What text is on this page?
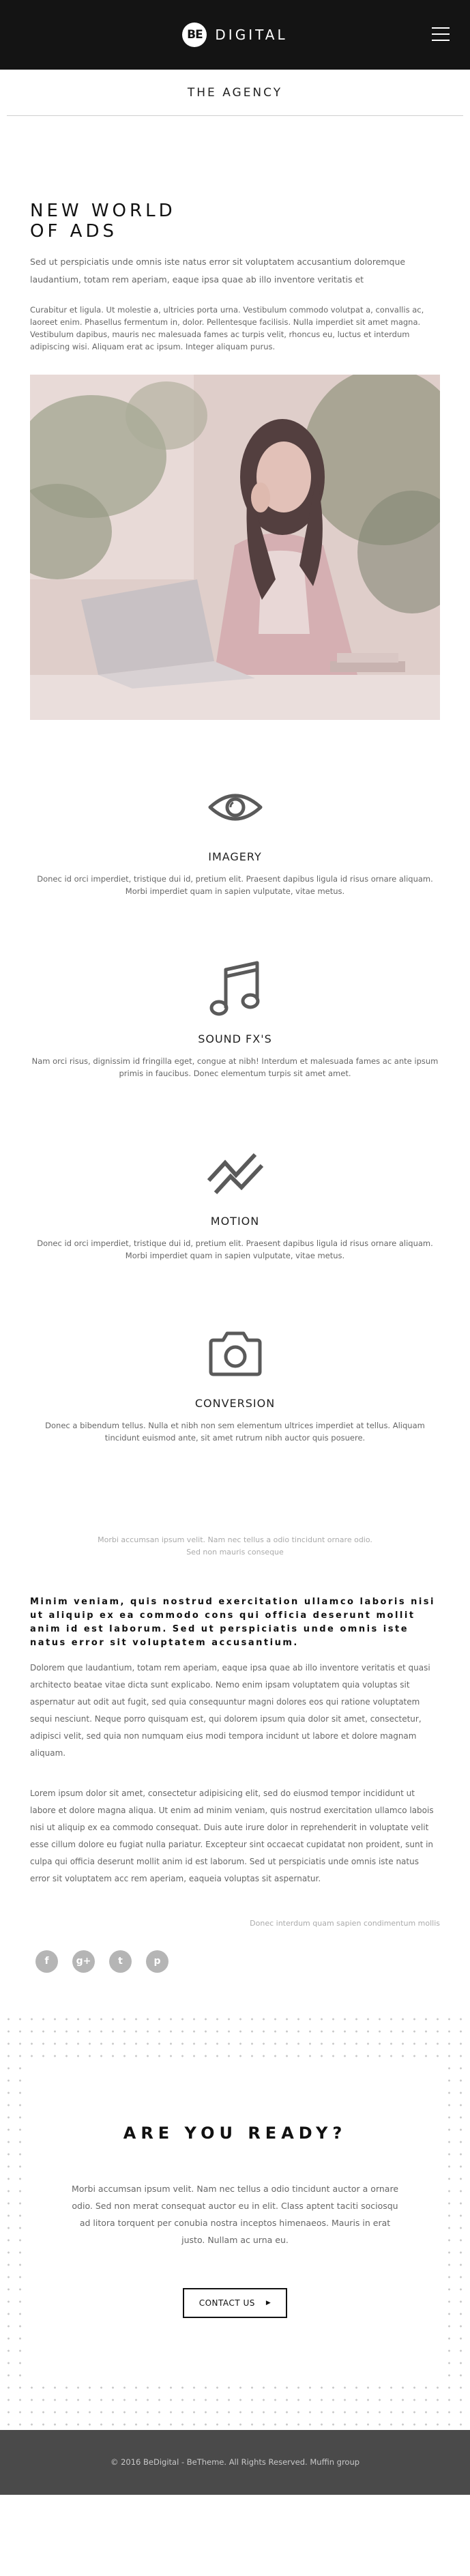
BE DIGITAL
THE AGENCY
NEW WORLD
OF ADS

Sed ut perspiciatis unde omnis iste natus error sit voluptatem accusantium doloremque laudantium, totam rem aperiam, eaque ipsa quae ab illo inventore veritatis et

Curabitur et ligula. Ut molestie a, ultricies porta urna. Vestibulum commodo volutpat a, convallis ac, laoreet enim. Phasellus fermentum in, dolor. Pellentesque facilisis. Nulla imperdiet sit amet magna. Vestibulum dapibus, mauris nec malesuada fames ac turpis velit, rhoncus eu, luctus et interdum adipiscing wisi. Aliquam erat ac ipsum. Integer aliquam purus.

IMAGERY

Donec id orci imperdiet, tristique dui id, pretium elit. Praesent dapibus ligula id risus ornare aliquam. Morbi imperdiet quam in sapien vulputate, vitae metus.

SOUND FX'S

Nam orci risus, dignissim id fringilla eget, congue at nibh! Interdum et malesuada fames ac ante ipsum primis in faucibus. Donec elementum turpis sit amet amet.

MOTION

Donec id orci imperdiet, tristique dui id, pretium elit. Praesent dapibus ligula id risus ornare aliquam. Morbi imperdiet quam in sapien vulputate, vitae metus.

CONVERSION

Donec a bibendum tellus. Nulla et nibh non sem elementum ultrices imperdiet at tellus. Aliquam tincidunt euismod ante, sit amet rutrum nibh auctor quis posuere.

Morbi accumsan ipsum velit. Nam nec tellus a odio tincidunt ornare odio. Sed non mauris conseque

Minim veniam, quis nostrud exercitation ullamco laboris nisi ut aliquip ex ea commodo cons qui officia deserunt mollit anim id est laborum. Sed ut perspiciatis unde omnis iste natus error sit voluptatem accusantium.

Dolorem que laudantium, totam rem aperiam, eaque ipsa quae ab illo inventore veritatis et quasi architecto beatae vitae dicta sunt explicabo. Nemo enim ipsam voluptatem quia voluptas sit aspernatur aut odit aut fugit, sed quia consequuntur magni dolores eos qui ratione voluptatem sequi nesciunt. Neque porro quisquam est, qui dolorem ipsum quia dolor sit amet, consectetur, adipisci velit, sed quia non numquam eius modi tempora incidunt ut labore et dolore magnam aliquam.

Lorem ipsum dolor sit amet, consectetur adipisicing elit, sed do eiusmod tempor incididunt ut labore et dolore magna aliqua. Ut enim ad minim veniam, quis nostrud exercitation ullamco labois nisi ut aliquip ex ea commodo consequat. Duis aute irure dolor in reprehenderit in voluptate velit esse cillum dolore eu fugiat nulla pariatur. Excepteur sint occaecat cupidatat non proident, sunt in culpa qui officia deserunt mollit anim id est laborum. Sed ut perspiciatis unde omnis iste natus error sit voluptatem acc rem aperiam, eaqueia voluptas sit aspernatur.

Donec interdum quam sapien condimentum mollis
f	g+	t	p
ARE YOU READY?

Morbi accumsan ipsum velit. Nam nec tellus a odio tincidunt auctor a ornare odio. Sed non merat consequat auctor eu in elit. Class aptent taciti sociosqu ad litora torquent per conubia nostra inceptos himenaeos. Mauris in erat justo. Nullam ac urna eu.

CONTACT US ▶

© 2016 BeDigital - BeTheme. All Rights Reserved. Muffin group
